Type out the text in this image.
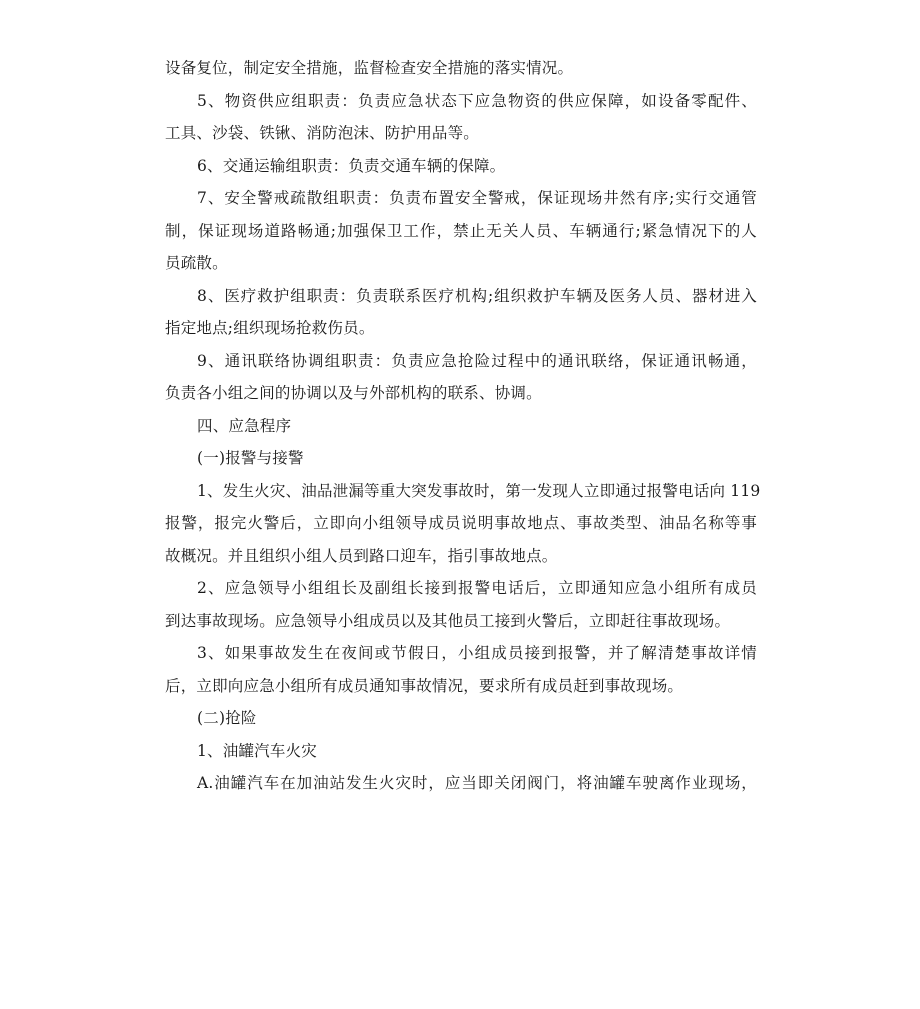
设备复位，制定安全措施，监督检查安全措施的落实情况。
5、物资供应组职责：负责应急状态下应急物资的供应保障，如设备零配件、
工具、沙袋、铁锹、消防泡沫、防护用品等。
6、交通运输组职责：负责交通车辆的保障。
7、安全警戒疏散组职责：负责布置安全警戒，保证现场井然有序;实行交通管
制，保证现场道路畅通;加强保卫工作，禁止无关人员、车辆通行;紧急情况下的人
员疏散。
8、医疗救护组职责：负责联系医疗机构;组织救护车辆及医务人员、器材进入
指定地点;组织现场抢救伤员。
9、通讯联络协调组职责：负责应急抢险过程中的通讯联络，保证通讯畅通，
负责各小组之间的协调以及与外部机构的联系、协调。
四、应急程序
(一)报警与接警
1、发生火灾、油品泄漏等重大突发事故时，第一发现人立即通过报警电话向 119
报警，报完火警后，立即向小组领导成员说明事故地点、事故类型、油品名称等事
故概况。并且组织小组人员到路口迎车，指引事故地点。
2、应急领导小组组长及副组长接到报警电话后，立即通知应急小组所有成员
到达事故现场。应急领导小组成员以及其他员工接到火警后，立即赶往事故现场。
3、如果事故发生在夜间或节假日，小组成员接到报警，并了解清楚事故详情
后，立即向应急小组所有成员通知事故情况，要求所有成员赶到事故现场。
(二)抢险
1、油罐汽车火灾
A.油罐汽车在加油站发生火灾时，应当即关闭阀门，将油罐车驶离作业现场，
